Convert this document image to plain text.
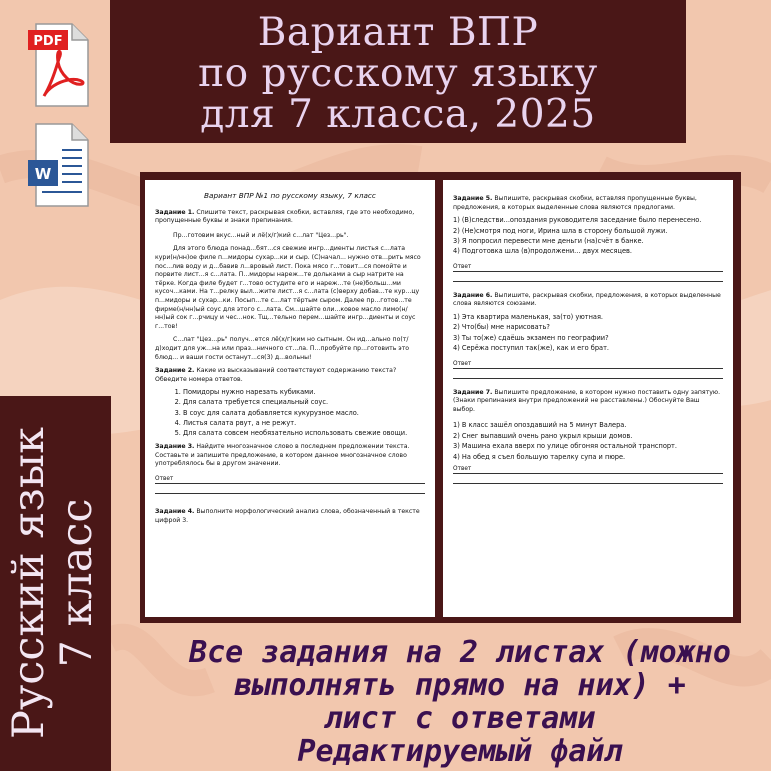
Вариант ВПР
по русскому языку
для 7 класса, 2025
PDF
W
Русский язык
7 класс
Вариант ВПР №1 по русскому языку, 7 класс
Задание 1. Спишите текст, раскрывая скобки, вставляя, где это необходимо, пропущенные буквы и знаки препинания.
Пр...готовим вкус...ный и лё(х/г)кий с...лат "Цез...рь".
Для этого блюда понад...бят...ся свежие ингр...диенты листья с...лата кури(н/нн)ое филе п...мидоры сухар...ки и сыр. (С)начал... нужно отв...рить мясо пос...лив воду и д...бавив л...вровый лист. Пока мясо г...товит...ся помойте и порвите лист...я с...лата. П...мидоры нареж...те дольками а сыр натрите на тёрке. Когда филе будет г...тово остудите его и нареж...те (не)больш...ми кусоч...ками. На т...релку выл...жите лист...я с...лата (с)верху добав...те кур...цу п...мидоры и сухар...ки. Посып...те с...лат тёртым сыром. Далее пр...готов...те фирме(н/нн)ый соус для этого с...лата. См...шайте оли...ковое масло лимо(н/нн)ый сок г...рчицу и чес...нок. Тщ...тельно перем...шайте ингр...диенты и соус г...тов!
С...лат "Цез...рь" получ...ется лё(х/г)ким но сытным. Он ид...ально по(т/д)ходит для уж...на или праз...ничного ст...ла. П...пробуйте пр...готовить это блюд... и ваши гости останут...ся(3) д...вольны!
Задание 2. Какие из высказываний соответствуют содержанию текста? Обведите номера ответов.
1. Помидоры нужно нарезать кубиками.
2. Для салата требуется специальный соус.
3. В соус для салата добавляется кукурузное масло.
4. Листья салата рвут, а не режут.
5. Для салата совсем необязательно использовать свежие овощи.
Задание 3. Найдите многозначное слово в последнем предложении текста. Составьте и запишите предложение, в котором данное многозначное слово употреблялось бы в другом значении.
Ответ
Задание 4. Выполните морфологический анализ слова, обозначенный в тексте цифрой 3.
Задание 5. Выпишите, раскрывая скобки, вставляя пропущенные буквы, предложения, в которых выделенные слова являются предлогами.
1) (В)следстви...опоздания руководителя заседание было перенесено.
2) (Не)смотря под ноги, Ирина шла в сторону большой лужи.
3) Я попросил перевести мне деньги (на)счёт в банке.
4) Подготовка шла (в)продолжени... двух месяцев.
Ответ
Задание 6. Выпишите, раскрывая скобки, предложения, в которых выделенные слова являются союзами.
1) Эта квартира маленькая, за(то) уютная.
2) Что(бы) мне нарисовать?
3) Ты то(же) сдаёшь экзамен по географии?
4) Серёжа поступил так(же), как и его брат.
Ответ
Задание 7. Выпишите предложение, в котором нужно поставить одну запятую. (Знаки препинания внутри предложений не расставлены.) Обоснуйте Ваш выбор.
1) В класс зашёл опоздавший на 5 минут Валера.
2) Снег выпавший очень рано укрыл крыши домов.
3) Машина ехала вверх по улице обгоняя остальной транспорт.
4) На обед я съел большую тарелку супа и пюре.
Ответ
Все задания на 2 листах (можно
выполнять прямо на них) +
лист с ответами
Редактируемый файл
